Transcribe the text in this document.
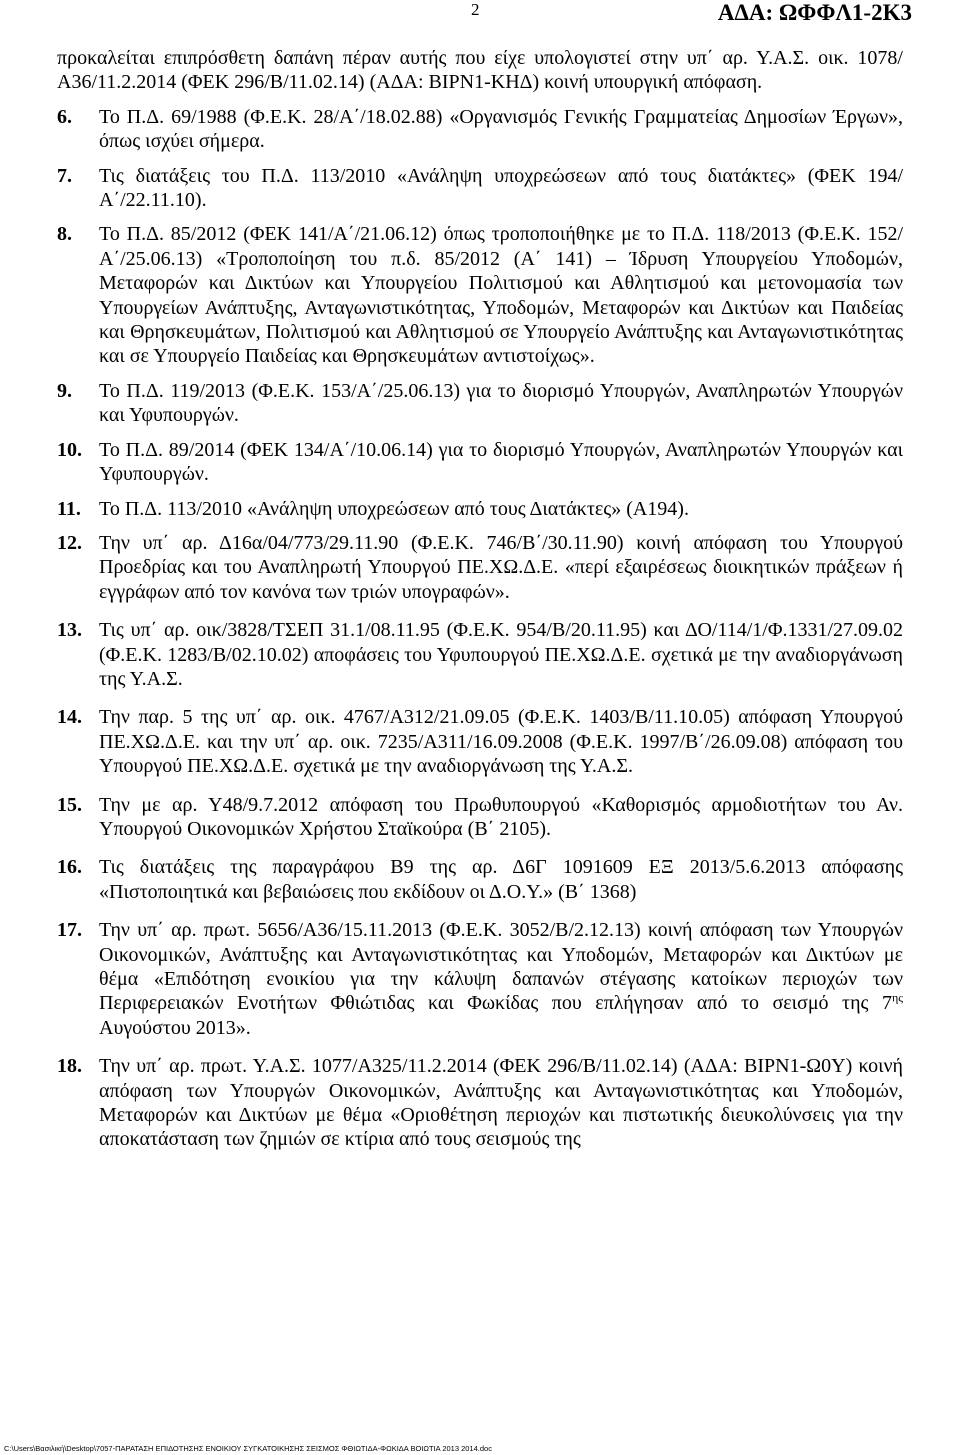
2	ΑΔΑ: ΩΦΦΛ1-2Κ3

προκαλείται επιπρόσθετη δαπάνη πέραν αυτής που είχε υπολογιστεί στην υπ΄ αρ. Υ.Α.Σ. οικ. 1078/Α36/11.2.2014 (ΦΕΚ 296/Β/11.02.14) (ΑΔΑ: ΒΙΡΝ1-ΚΗΔ) κοινή υπουργική απόφαση.

6.	Το Π.Δ. 69/1988 (Φ.Ε.Κ. 28/Α΄/18.02.88) «Οργανισμός Γενικής Γραμματείας Δημοσίων Έργων», όπως ισχύει σήμερα.

7.	Τις διατάξεις του Π.Δ. 113/2010 «Ανάληψη υποχρεώσεων από τους διατάκτες» (ΦΕΚ 194/Α΄/22.11.10).

8.	Το Π.Δ. 85/2012 (ΦΕΚ 141/Α΄/21.06.12) όπως τροποποιήθηκε με το Π.Δ. 118/2013 (Φ.Ε.Κ. 152/Α΄/25.06.13) «Τροποποίηση του π.δ. 85/2012 (Α΄ 141) – Ίδρυση Υπουργείου Υποδομών, Μεταφορών και Δικτύων και Υπουργείου Πολιτισμού και Αθλητισμού και μετονομασία των Υπουργείων Ανάπτυξης, Ανταγωνιστικότητας, Υποδομών, Μεταφορών και Δικτύων και Παιδείας και Θρησκευμάτων, Πολιτισμού και Αθλητισμού σε Υπουργείο Ανάπτυξης και Ανταγωνιστικότητας και σε Υπουργείο Παιδείας και Θρησκευμάτων αντιστοίχως».

9.	Το Π.Δ. 119/2013 (Φ.Ε.Κ. 153/Α΄/25.06.13) για το διορισμό Υπουργών, Αναπληρωτών Υπουργών και Υφυπουργών.

10. Το Π.Δ. 89/2014 (ΦΕΚ 134/Α΄/10.06.14) για το διορισμό Υπουργών, Αναπληρωτών Υπουργών και Υφυπουργών.

11. Το Π.Δ. 113/2010 «Ανάληψη υποχρεώσεων από τους Διατάκτες» (Α194).

12. Την υπ΄ αρ. Δ16α/04/773/29.11.90 (Φ.Ε.Κ. 746/Β΄/30.11.90) κοινή απόφαση του Υπουργού Προεδρίας και του Αναπληρωτή Υπουργού ΠΕ.ΧΩ.Δ.Ε. «περί εξαιρέσεως διοικητικών πράξεων ή εγγράφων από τον κανόνα των τριών υπογραφών».

13. Τις υπ΄ αρ. οικ/3828/ΤΣΕΠ 31.1/08.11.95 (Φ.Ε.Κ. 954/Β/20.11.95) και ΔΟ/114/1/Φ.1331/27.09.02 (Φ.Ε.Κ. 1283/Β/02.10.02) αποφάσεις του Υφυπουργού ΠΕ.ΧΩ.Δ.Ε. σχετικά με την αναδιοργάνωση της Υ.Α.Σ.

14. Την παρ. 5 της υπ΄ αρ. οικ. 4767/Α312/21.09.05 (Φ.Ε.Κ. 1403/Β/11.10.05) απόφαση Υπουργού ΠΕ.ΧΩ.Δ.Ε. και την υπ΄ αρ. οικ. 7235/Α311/16.09.2008 (Φ.Ε.Κ. 1997/Β΄/26.09.08) απόφαση του Υπουργού ΠΕ.ΧΩ.Δ.Ε. σχετικά με την αναδιοργάνωση της Υ.Α.Σ.

15. Την με αρ. Υ48/9.7.2012 απόφαση του Πρωθυπουργού «Καθορισμός αρμοδιοτήτων του Αν. Υπουργού Οικονομικών Χρήστου Σταϊκούρα (Β΄ 2105).

16. Τις διατάξεις της παραγράφου Β9 της αρ. Δ6Γ 1091609 ΕΞ 2013/5.6.2013 απόφασης «Πιστοποιητικά και βεβαιώσεις που εκδίδουν οι Δ.Ο.Υ.» (Β΄ 1368)

17. Την υπ΄ αρ. πρωτ. 5656/Α36/15.11.2013 (Φ.Ε.Κ. 3052/Β/2.12.13) κοινή απόφαση των Υπουργών Οικονομικών, Ανάπτυξης και Ανταγωνιστικότητας και Υποδομών, Μεταφορών και Δικτύων με θέμα «Επιδότηση ενοικίου για την κάλυψη δαπανών στέγασης κατοίκων περιοχών των Περιφερειακών Ενοτήτων Φθιώτιδας και Φωκίδας που επλήγησαν από το σεισμό της $7^{\eta\varsigma}$ Αυγούστου 2013».

18. Την υπ΄ αρ. πρωτ. Υ.Α.Σ. 1077/Α325/11.2.2014 (ΦΕΚ 296/Β/11.02.14) (ΑΔΑ: ΒΙΡΝ1-Ω0Υ) κοινή απόφαση των Υπουργών Οικονομικών, Ανάπτυξης και Ανταγωνιστικότητας και Υποδομών, Μεταφορών και Δικτύων με θέμα «Οριοθέτηση περιοχών και πιστωτικής διευκολύνσεις για την αποκατάσταση των ζημιών σε κτίρια από τους σεισμούς της

C:\Users\Βασιλική\Desktop\7057-ΠΑΡΑΤΑΣΗ ΕΠΙΔΟΤΗΣΗΣ ΕΝΟΙΚΙΟΥ ΣΥΓΚΑΤΟΙΚΗΣΗΣ ΣΕΙΣΜΟΣ ΦΘΙΩΤΙΔΑ-ΦΩΚΙΔΑ ΒΟΙΩΤΙΑ 2013 2014.doc
